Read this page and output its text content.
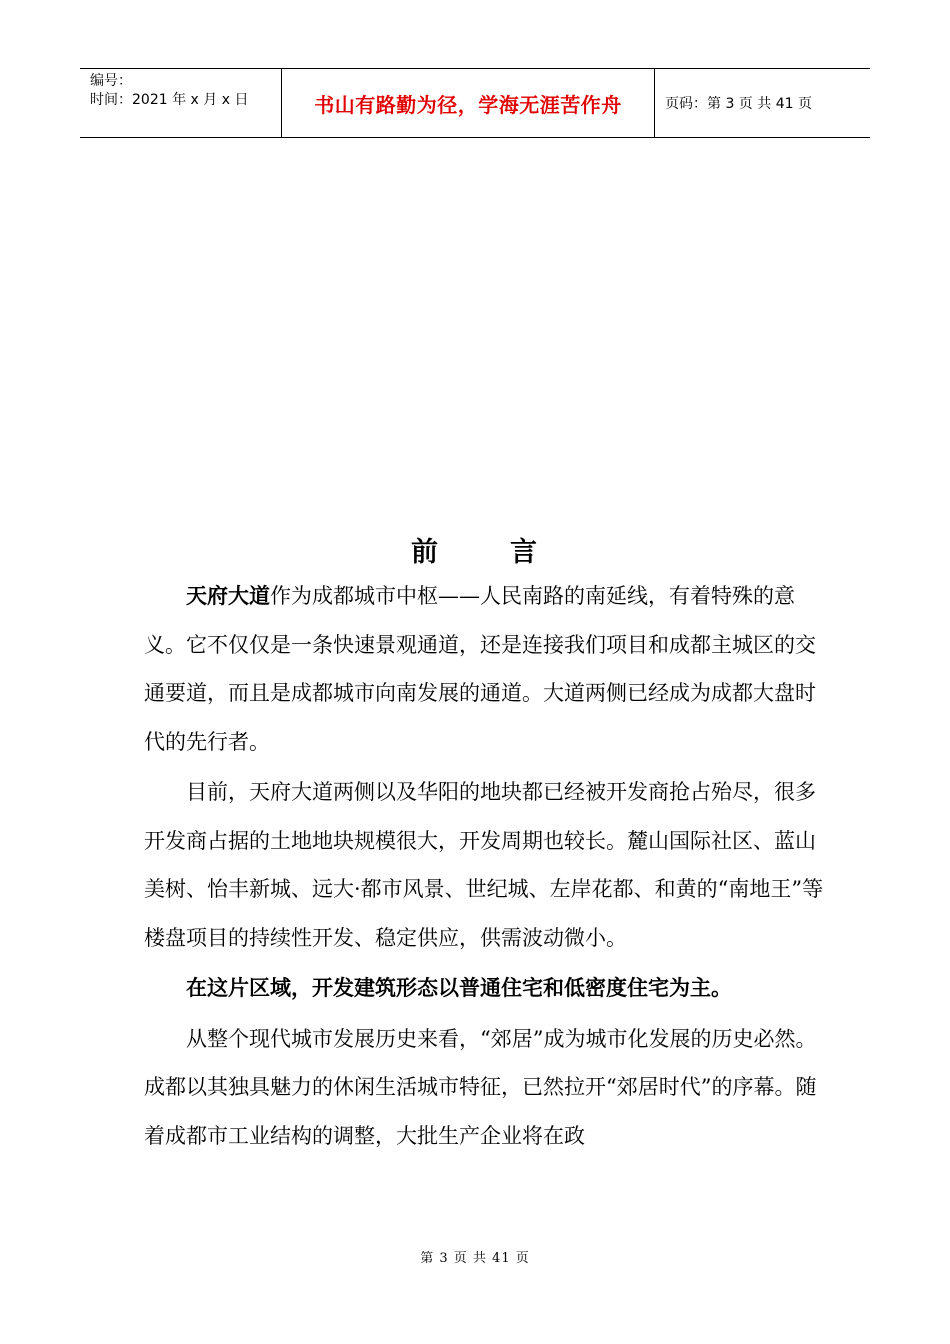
编号：
时间：2021 年 x 月 x 日	书山有路勤为径，学海无涯苦作舟	页码：第 3 页 共 41 页
前	言

天府大道作为成都城市中枢——人民南路的南延线，有着特殊的意义。它不仅仅是一条快速景观通道，还是连接我们项目和成都主城区的交通要道，而且是成都城市向南发展的通道。大道两侧已经成为成都大盘时代的先行者。

目前，天府大道两侧以及华阳的地块都已经被开发商抢占殆尽，很多开发商占据的土地地块规模很大，开发周期也较长。麓山国际社区、蓝山美树、怡丰新城、远大·都市风景、世纪城、左岸花都、和黄的“南地王”等楼盘项目的持续性开发、稳定供应，供需波动微小。

在这片区域，开发建筑形态以普通住宅和低密度住宅为主。

从整个现代城市发展历史来看，“郊居”成为城市化发展的历史必然。成都以其独具魅力的休闲生活城市特征，已然拉开“郊居时代”的序幕。随着成都市工业结构的调整，大批生产企业将在政

第 3 页 共 41 页
